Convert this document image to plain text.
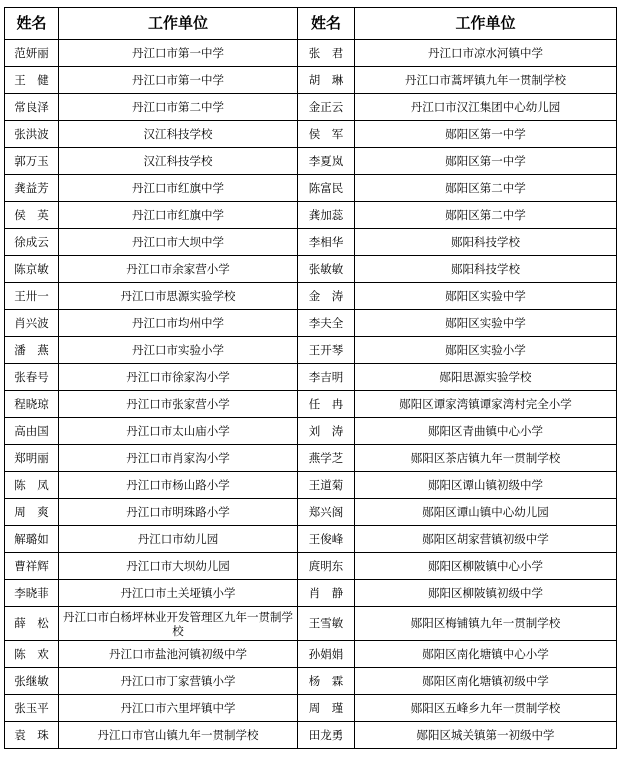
姓名	工作单位	姓名	工作单位
范妍丽	丹江口市第一中学	张　君	丹江口市凉水河镇中学
王　健	丹江口市第一中学	胡　琳	丹江口市蒿坪镇九年一贯制学校
常良泽	丹江口市第二中学	金正云	丹江口市汉江集团中心幼儿园
张洪波	汉江科技学校	侯　军	郧阳区第一中学
郭万玉	汉江科技学校	李夏岚	郧阳区第一中学
龚益芳	丹江口市红旗中学	陈富民	郧阳区第二中学
侯　英	丹江口市红旗中学	龚加蕊	郧阳区第二中学
徐成云	丹江口市大坝中学	李相华	郧阳科技学校
陈京敏	丹江口市余家营小学	张敏敏	郧阳科技学校
王卅一	丹江口市思源实验学校	金　涛	郧阳区实验中学
肖兴波	丹江口市均州中学	李夫全	郧阳区实验中学
潘　燕	丹江口市实验小学	王开琴	郧阳区实验小学
张春号	丹江口市徐家沟小学	李吉明	郧阳思源实验学校
程晓琼	丹江口市张家营小学	任　冉	郧阳区谭家湾镇谭家湾村完全小学
高由国	丹江口市太山庙小学	刘　涛	郧阳区青曲镇中心小学
郑明丽	丹江口市肖家沟小学	燕学芝	郧阳区茶店镇九年一贯制学校
陈　凤	丹江口市杨山路小学	王道菊	郧阳区谭山镇初级中学
周　爽	丹江口市明珠路小学	郑兴阁	郧阳区谭山镇中心幼儿园
解璐如	丹江口市幼儿园	王俊峰	郧阳区胡家营镇初级中学
曹祥辉	丹江口市大坝幼儿园	庹明东	郧阳区柳陂镇中心小学
李晓菲	丹江口市土关垭镇小学	肖　静	郧阳区柳陂镇初级中学
薛　松	丹江口市白杨坪林业开发管理区九年一贯制学校	王雪敏	郧阳区梅铺镇九年一贯制学校
陈　欢	丹江口市盐池河镇初级中学	孙娟娟	郧阳区南化塘镇中心小学
张继敏	丹江口市丁家营镇小学	杨　霖	郧阳区南化塘镇初级中学
张玉平	丹江口市六里坪镇中学	周　瑾	郧阳区五峰乡九年一贯制学校
袁　珠	丹江口市官山镇九年一贯制学校	田龙勇	郧阳区城关镇第一初级中学
